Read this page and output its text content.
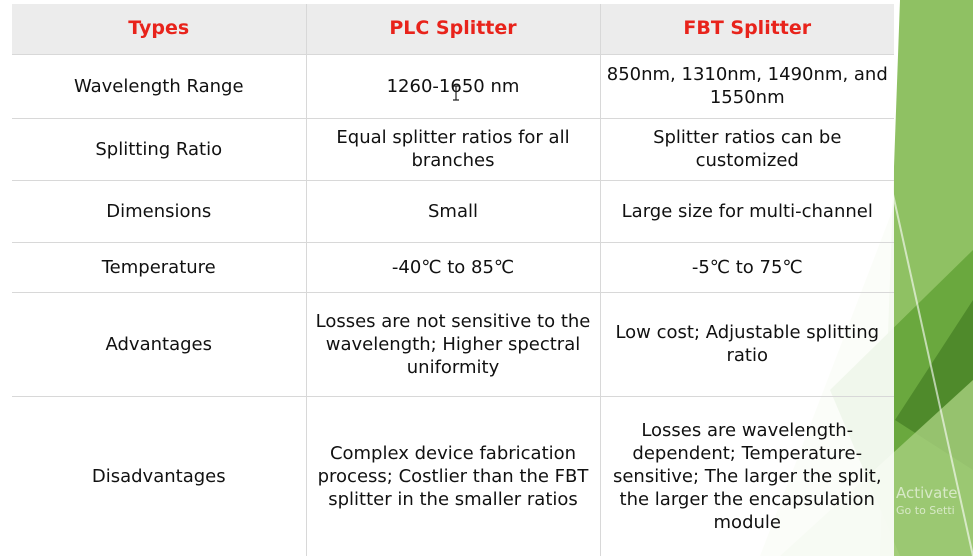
Types	PLC Splitter	FBT Splitter
Wavelength Range	1260-1650 nm	850nm, 1310nm, 1490nm, and 1550nm
Splitting Ratio	Equal splitter ratios for all branches	Splitter ratios can be customized
Dimensions	Small	Large size for multi-channel
Temperature	-40℃ to 85℃	-5℃ to 75℃
Advantages	Losses are not sensitive to the wavelength; Higher spectral uniformity	Low cost; Adjustable splitting ratio
Disadvantages	Complex device fabrication process; Costlier than the FBT splitter in the smaller ratios	Losses are wavelength-dependent; Temperature-sensitive; The larger the split, the larger the encapsulation module
Activate
Go to Setti
